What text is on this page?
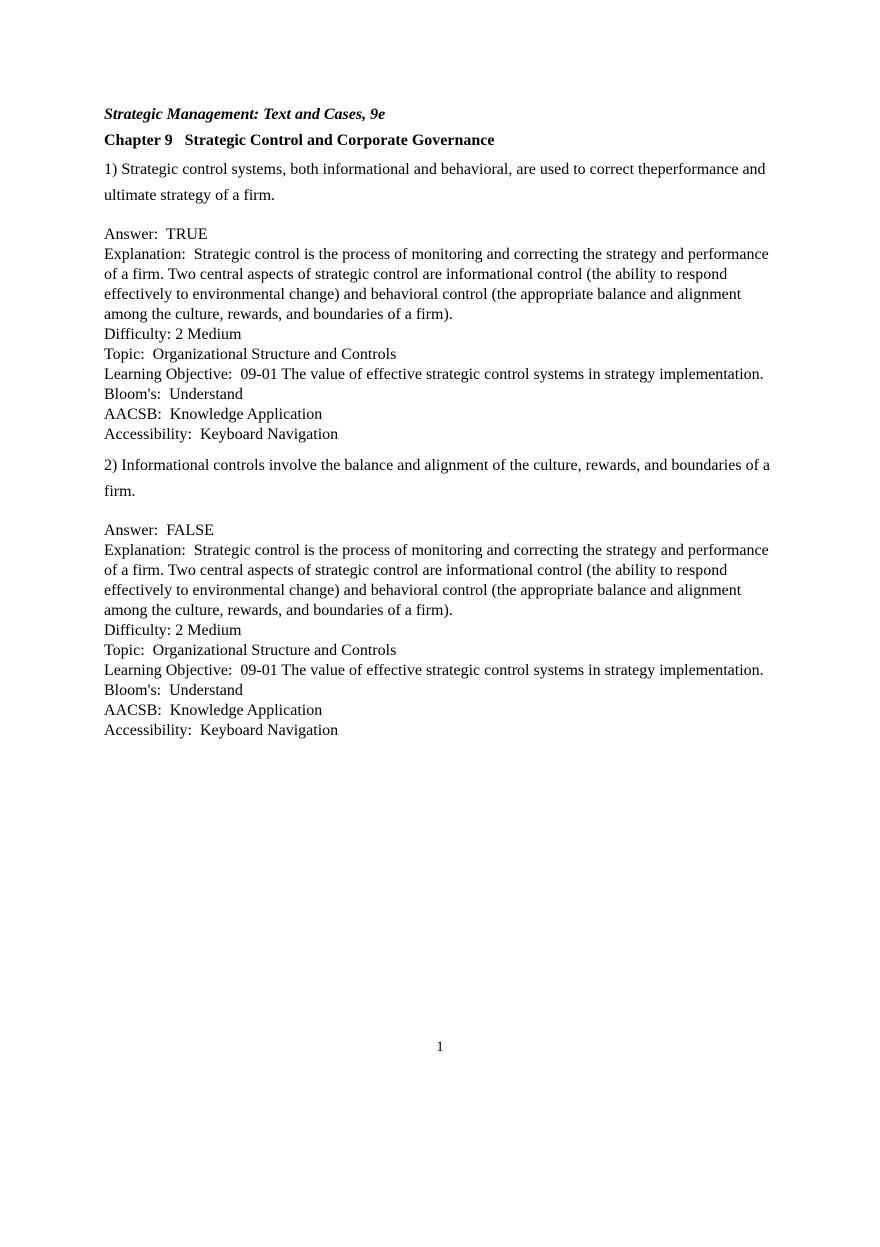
Strategic Management: Text and Cases, 9e
Chapter 9   Strategic Control and Corporate Governance
1) Strategic control systems, both informational and behavioral, are used to correct theperformance and ultimate strategy of a firm.
Answer:  TRUE
Explanation:  Strategic control is the process of monitoring and correcting the strategy and performance of a firm. Two central aspects of strategic control are informational control (the ability to respond effectively to environmental change) and behavioral control (the appropriate balance and alignment among the culture, rewards, and boundaries of a firm).
Difficulty: 2 Medium
Topic:  Organizational Structure and Controls
Learning Objective:  09-01 The value of effective strategic control systems in strategy implementation.
Bloom's:  Understand
AACSB:  Knowledge Application
Accessibility:  Keyboard Navigation
2) Informational controls involve the balance and alignment of the culture, rewards, and boundaries of a firm.
Answer:  FALSE
Explanation:  Strategic control is the process of monitoring and correcting the strategy and performance of a firm. Two central aspects of strategic control are informational control (the ability to respond effectively to environmental change) and behavioral control (the appropriate balance and alignment among the culture, rewards, and boundaries of a firm).
Difficulty: 2 Medium
Topic:  Organizational Structure and Controls
Learning Objective:  09-01 The value of effective strategic control systems in strategy implementation.
Bloom's:  Understand
AACSB:  Knowledge Application
Accessibility:  Keyboard Navigation
1
